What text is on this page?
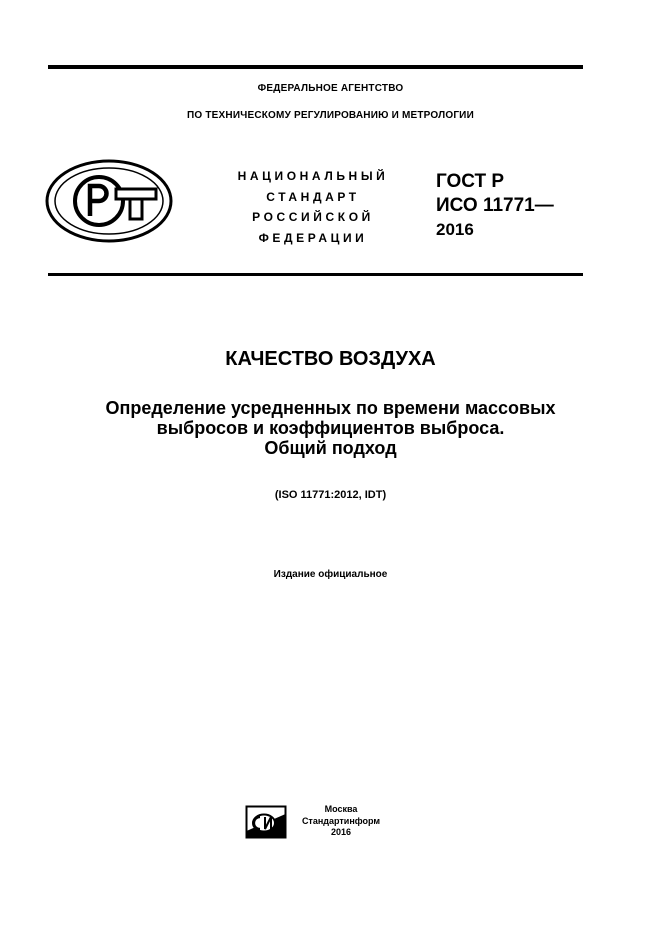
ФЕДЕРАЛЬНОЕ АГЕНТСТВО
ПО ТЕХНИЧЕСКОМУ РЕГУЛИРОВАНИЮ И МЕТРОЛОГИИ
НАЦИОНАЛЬНЫЙ
СТАНДАРТ
РОССИЙСКОЙ
ФЕДЕРАЦИИ
ГОСТ Р
ИСО 11771—
2016
КАЧЕСТВО ВОЗДУХА
Определение усредненных по времени массовых
выбросов и коэффициентов выброса.
Общий подход
(ISO 11771:2012, IDT)
Издание официальное
Москва
Стандартинформ
2016
